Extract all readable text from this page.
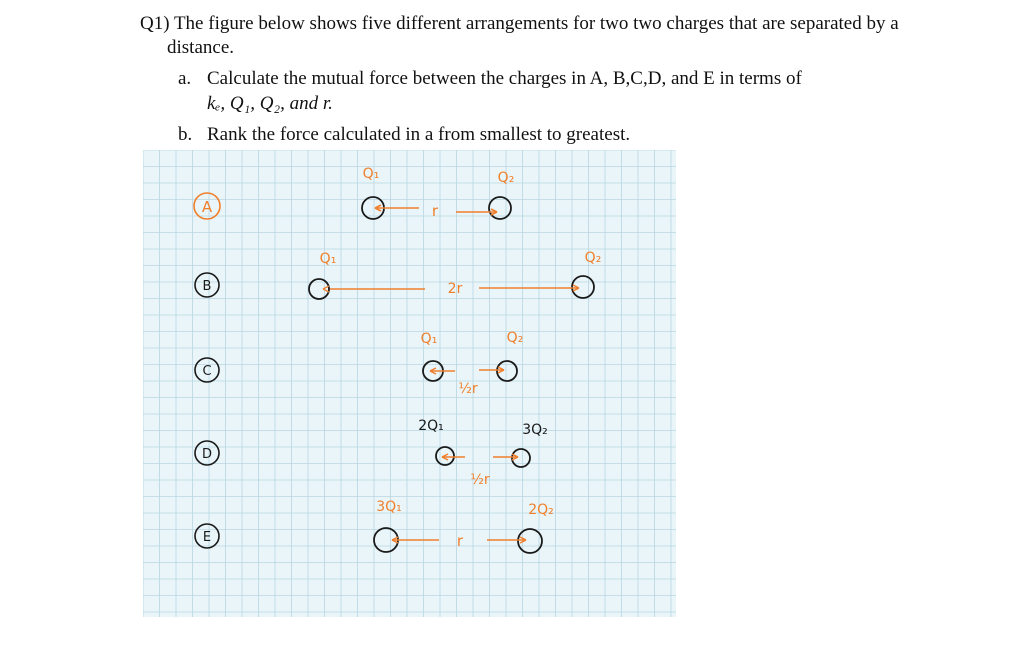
Q1) The figure below shows five different arrangements for two two charges that are separated by a
distance.
a. Calculate the mutual force between the charges in A, B,C,D, and E in terms of
kₑ, Q₁, Q₂, and r.
b. Rank the force calculated in a from smallest to greatest.
A
Q₁	Q₂
r
B
Q₁	Q₂
2r
C
Q₁	Q₂
½r
D
2Q₁	3Q₂
½r
E
3Q₁	2Q₂
r
